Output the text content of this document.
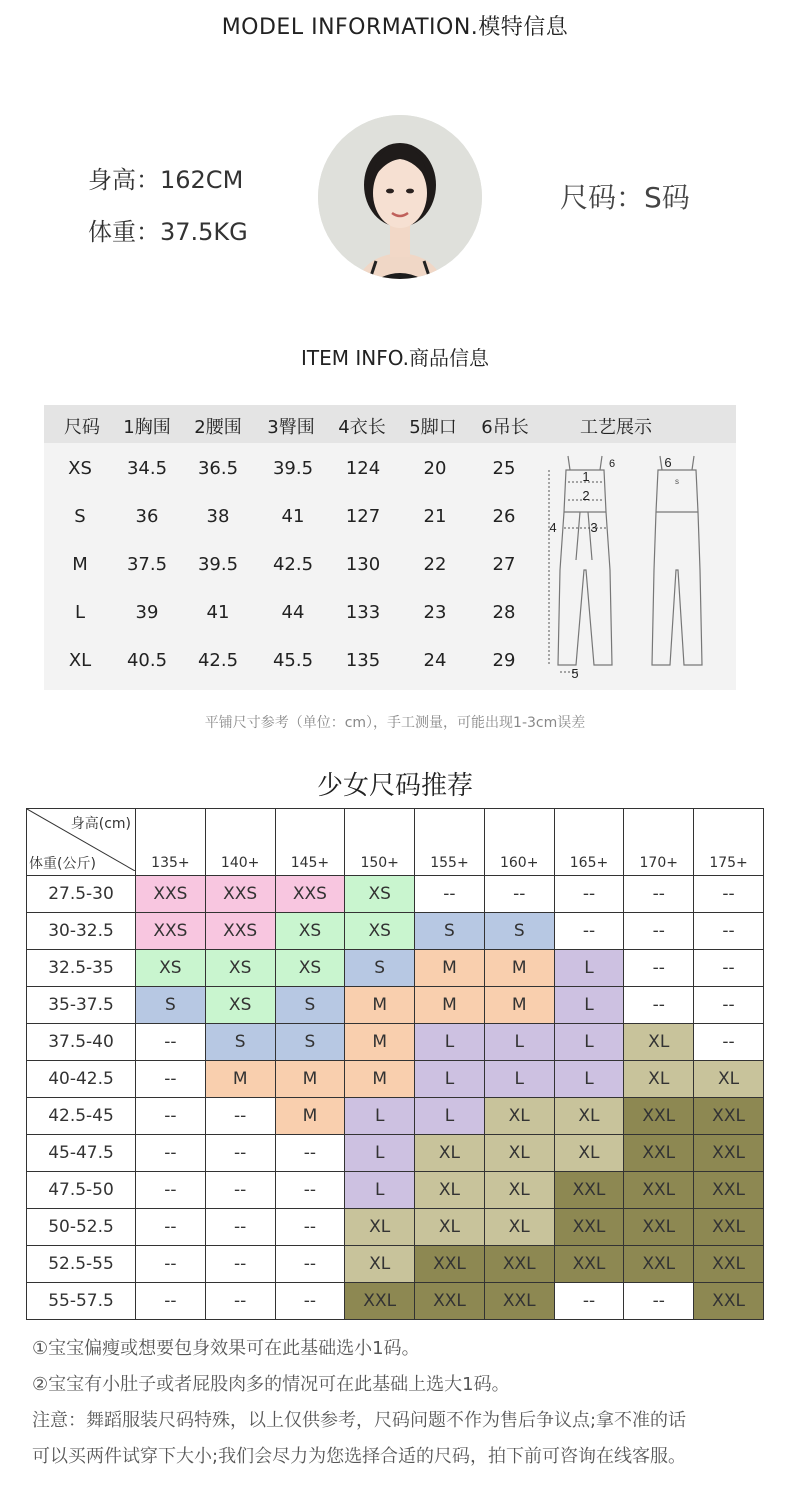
MODEL INFORMATION.模特信息
身高：162CM
体重：37.5KG
尺码：S码
ITEM INFO.商品信息
尺码 1胸围 2腰围 3臀围 4衣长 5脚口 6吊长	工艺展示
XS 34.5 36.5 39.5 124 20	25
S	36	38	41 127 21	26
M 37.5 39.5 42.5 130 22	27
L	39	41	44 133 23	28
XL 40.5 42.5 45.5 135 24	29
1
2
3
4
5
6	6
s
平铺尺寸参考（单位：cm），手工测量，可能出现1-3cm误差
少女尺码推荐
身高(cm)
体重(公斤)	135+	140+	145+	150+	155+	160+	165+	170+	175+
27.5-30	XXS	XXS	XXS	XS	--	--	--	--	--
30-32.5	XXS	XXS	XS	XS	S	S	--	--	--
32.5-35	XS	XS	XS	S	M	M	L	--	--
35-37.5	S	XS	S	M	M	M	L	--	--
37.5-40	--	S	S	M	L	L	L	XL	--
40-42.5	--	M	M	M	L	L	L	XL	XL
42.5-45	--	--	M	L	L	XL	XL	XXL	XXL
45-47.5	--	--	--	L	XL	XL	XL	XXL	XXL
47.5-50	--	--	--	L	XL	XL	XXL	XXL	XXL
50-52.5	--	--	--	XL	XL	XL	XXL	XXL	XXL
52.5-55	--	--	--	XL	XXL	XXL	XXL	XXL	XXL
55-57.5	--	--	--	XXL	XXL	XXL	--	--	XXL
①宝宝偏瘦或想要包身效果可在此基础选小1码。
②宝宝有小肚子或者屁股肉多的情况可在此基础上选大1码。
注意：舞蹈服装尺码特殊，以上仅供参考，尺码问题不作为售后争议点;拿不准的话
可以买两件试穿下大小;我们会尽力为您选择合适的尺码，拍下前可咨询在线客服。
